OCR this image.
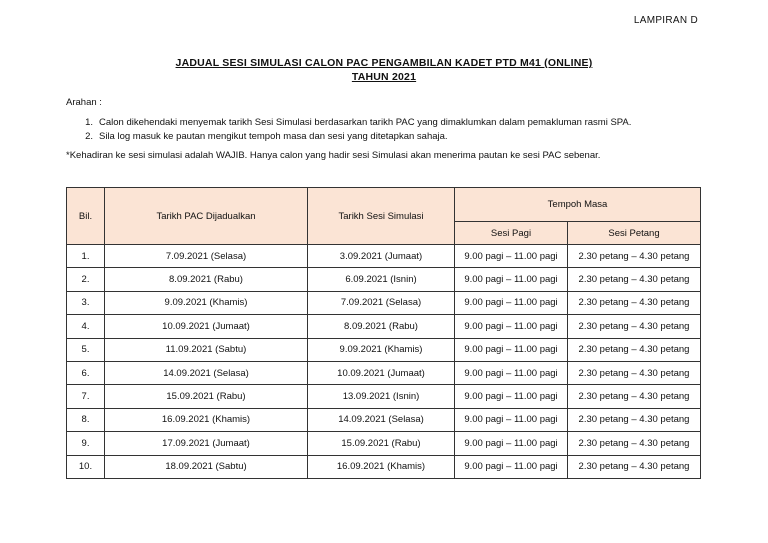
LAMPIRAN D
JADUAL SESI SIMULASI CALON PAC PENGAMBILAN KADET PTD M41 (ONLINE)
TAHUN 2021
Arahan :
1. Calon dikehendaki menyemak tarikh Sesi Simulasi berdasarkan tarikh PAC yang dimaklumkan dalam pemakluman rasmi SPA.
2. Sila log masuk ke pautan mengikut tempoh masa dan sesi yang ditetapkan sahaja.
*Kehadiran ke sesi simulasi adalah WAJIB. Hanya calon yang hadir sesi Simulasi akan menerima pautan ke sesi PAC sebenar.
Bil.	Tarikh PAC Dijadualkan	Tarikh Sesi Simulasi	Tempoh Masa	
			Sesi Pagi	Sesi Petang
1.	7.09.2021 (Selasa)	3.09.2021 (Jumaat)	9.00 pagi – 11.00 pagi	2.30 petang – 4.30 petang
2.	8.09.2021 (Rabu)	6.09.2021 (Isnin)	9.00 pagi – 11.00 pagi	2.30 petang – 4.30 petang
3.	9.09.2021 (Khamis)	7.09.2021 (Selasa)	9.00 pagi – 11.00 pagi	2.30 petang – 4.30 petang
4.	10.09.2021 (Jumaat)	8.09.2021 (Rabu)	9.00 pagi – 11.00 pagi	2.30 petang – 4.30 petang
5.	11.09.2021 (Sabtu)	9.09.2021 (Khamis)	9.00 pagi – 11.00 pagi	2.30 petang – 4.30 petang
6.	14.09.2021 (Selasa)	10.09.2021 (Jumaat)	9.00 pagi – 11.00 pagi	2.30 petang – 4.30 petang
7.	15.09.2021 (Rabu)	13.09.2021 (Isnin)	9.00 pagi – 11.00 pagi	2.30 petang – 4.30 petang
8.	16.09.2021 (Khamis)	14.09.2021 (Selasa)	9.00 pagi – 11.00 pagi	2.30 petang – 4.30 petang
9.	17.09.2021 (Jumaat)	15.09.2021 (Rabu)	9.00 pagi – 11.00 pagi	2.30 petang – 4.30 petang
10.	18.09.2021 (Sabtu)	16.09.2021 (Khamis)	9.00 pagi – 11.00 pagi	2.30 petang – 4.30 petang
